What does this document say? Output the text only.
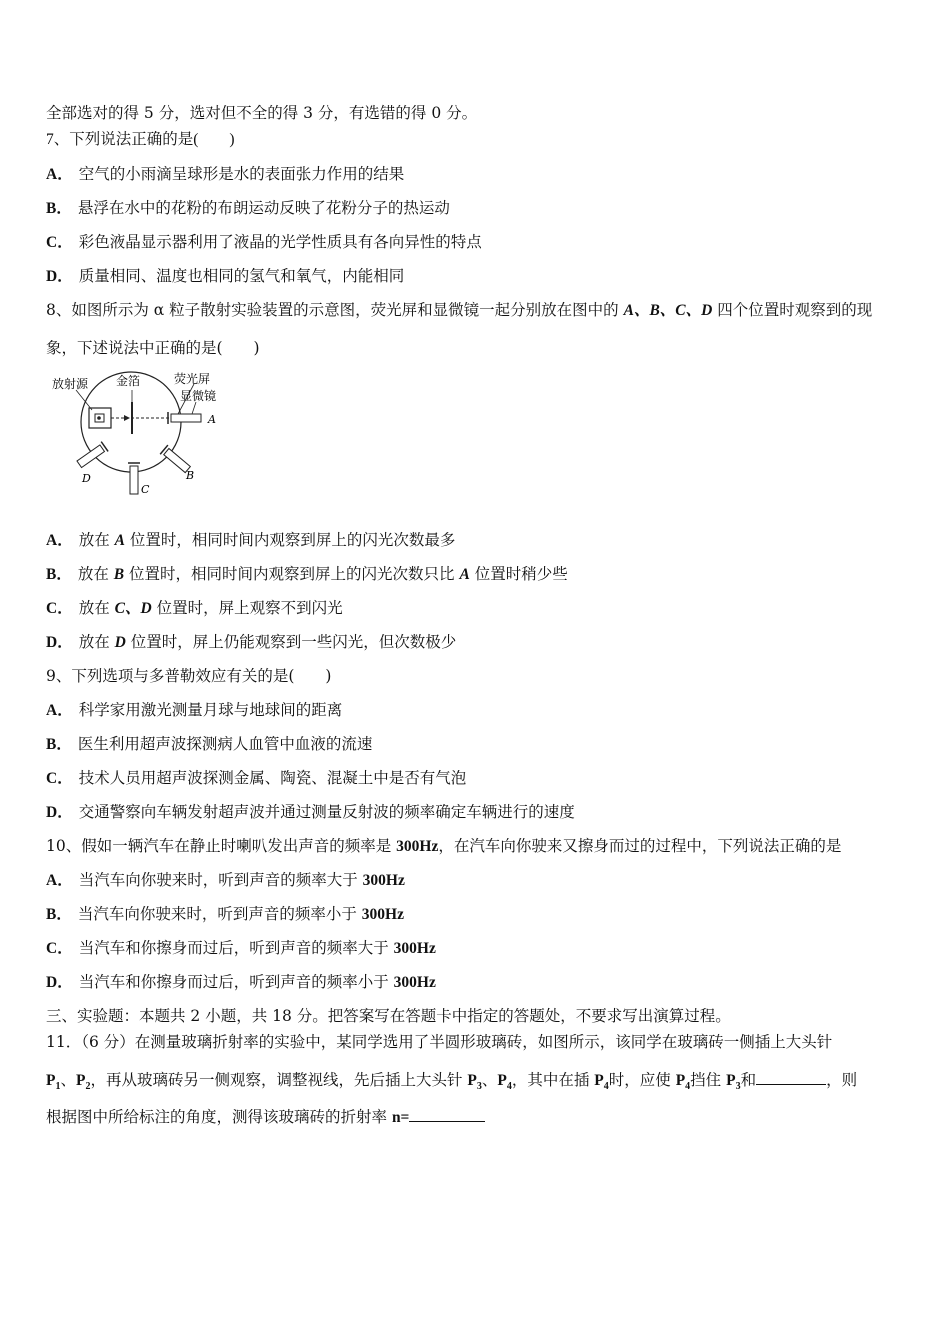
全部选对的得 5 分，选对但不全的得 3 分，有选错的得 0 分。
7、下列说法正确的是(　　)
A． 空气的小雨滴呈球形是水的表面张力作用的结果
B． 悬浮在水中的花粉的布朗运动反映了花粉分子的热运动
C． 彩色液晶显示器利用了液晶的光学性质具有各向异性的特点
D． 质量相同、温度也相同的氢气和氧气，内能相同
8、如图所示为 α 粒子散射实验装置的示意图，荧光屏和显微镜一起分别放在图中的 A、B、C、D 四个位置时观察到的现
象，下述说法中正确的是(　　)
放射源 金箔	荧光屏
显微镜
A
B
C
D
A． 放在 A 位置时，相同时间内观察到屏上的闪光次数最多
B． 放在 B 位置时，相同时间内观察到屏上的闪光次数只比 A 位置时稍少些
C． 放在 C、D 位置时，屏上观察不到闪光
D． 放在 D 位置时，屏上仍能观察到一些闪光，但次数极少
9、下列选项与多普勒效应有关的是(　　)
A． 科学家用激光测量月球与地球间的距离
B． 医生利用超声波探测病人血管中血液的流速
C． 技术人员用超声波探测金属、陶瓷、混凝土中是否有气泡
D． 交通警察向车辆发射超声波并通过测量反射波的频率确定车辆进行的速度
10、假如一辆汽车在静止时喇叭发出声音的频率是 300Hz，在汽车向你驶来又擦身而过的过程中，下列说法正确的是
A． 当汽车向你驶来时，听到声音的频率大于 300Hz
B． 当汽车向你驶来时，听到声音的频率小于 300Hz
C． 当汽车和你擦身而过后，听到声音的频率大于 300Hz
D． 当汽车和你擦身而过后，听到声音的频率小于 300Hz
三、实验题：本题共 2 小题，共 18 分。把答案写在答题卡中指定的答题处，不要求写出演算过程。
11．（6 分）在测量玻璃折射率的实验中，某同学选用了半圆形玻璃砖，如图所示，该同学在玻璃砖一侧插上大头针
$P_1$、$P_2$，再从玻璃砖另一侧观察，调整视线，先后插上大头针 $P_3$、$P_4$，其中在插 $P_4$时，应使 $P_4$挡住 $P_3$和	，则
根据图中所给标注的角度，测得该玻璃砖的折射率 n=
